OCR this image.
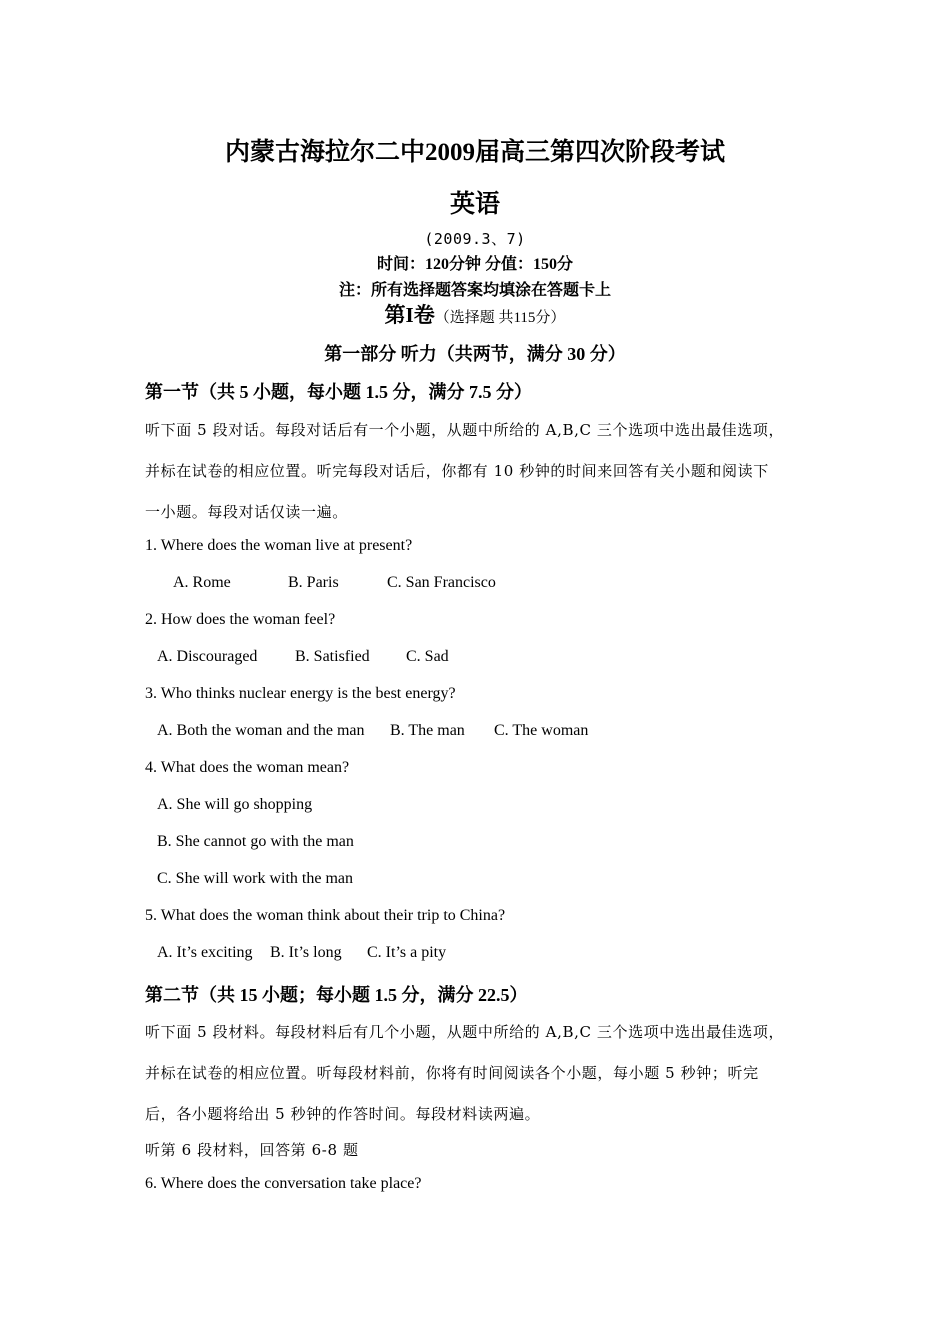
内蒙古海拉尔二中2009届高三第四次阶段考试
英语
(2009.3、7)
时间：120分钟 分值：150分
注：所有选择题答案均填涂在答题卡上
第I卷（选择题 共115分）
第一部分 听力（共两节，满分 30 分）
第一节（共 5 小题，每小题 1.5 分，满分 7.5 分）
听下面 5 段对话。每段对话后有一个小题，从题中所给的 A,B,C 三个选项中选出最佳选项，
并标在试卷的相应位置。听完每段对话后，你都有 10 秒钟的时间来回答有关小题和阅读下
一小题。每段对话仅读一遍。
1. Where does the woman live at present?
A. Rome	B. Paris	C. San Francisco
2. How does the woman feel?
A. Discouraged B. Satisfied C. Sad
3. Who thinks nuclear energy is the best energy?
A. Both the woman and the man B. The man C. The woman
4. What does the woman mean?
A. She will go shopping
B. She cannot go with the man
C. She will work with the man
5. What does the woman think about their trip to China?
A. It’s exciting B. It’s long C. It’s a pity
第二节（共 15 小题；每小题 1.5 分，满分 22.5）
听下面 5 段材料。每段材料后有几个小题，从题中所给的 A,B,C 三个选项中选出最佳选项，
并标在试卷的相应位置。听每段材料前，你将有时间阅读各个小题，每小题 5 秒钟；听完
后，各小题将给出 5 秒钟的作答时间。每段材料读两遍。
听第 6 段材料，回答第 6-8 题
6. Where does the conversation take place?
